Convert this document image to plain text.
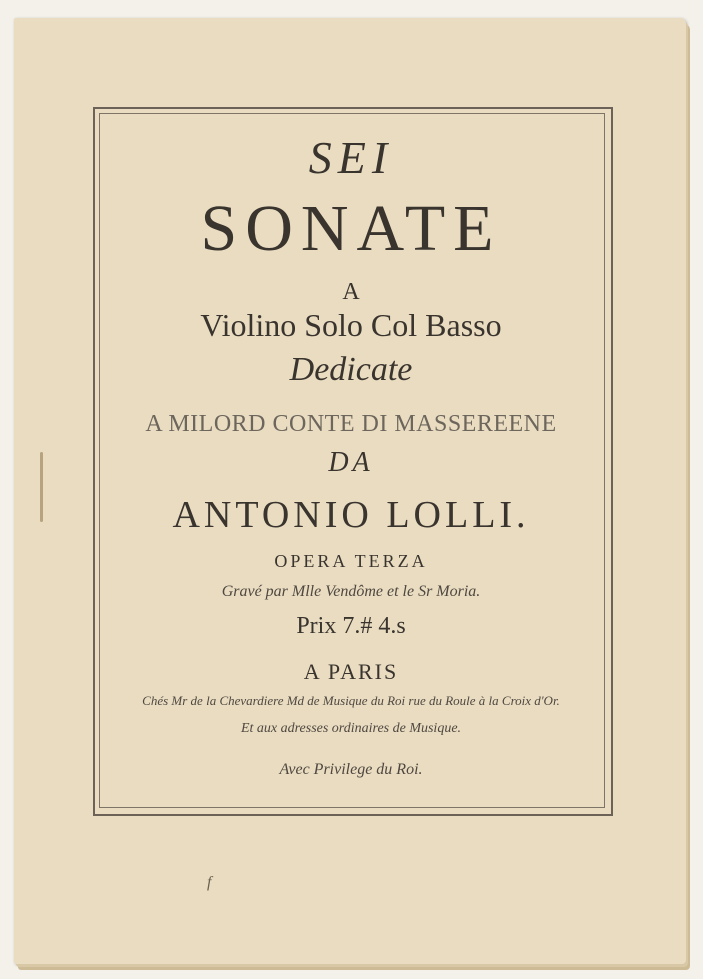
SEI
SONATE
A
Violino Solo Col Basso
Dedicate
A MILORD CONTE DI MASSEREENE
DA
ANTONIO LOLLI.
OPERA TERZA
Gravé par Mlle Vendôme et le Sr Moria.
Prix 7.# 4.s
A PARIS
Chés Mr de la Chevardiere Md de Musique du Roi rue du Roule à la Croix d'Or.
Et aux adresses ordinaires de Musique.
Avec Privilege du Roi.
f
